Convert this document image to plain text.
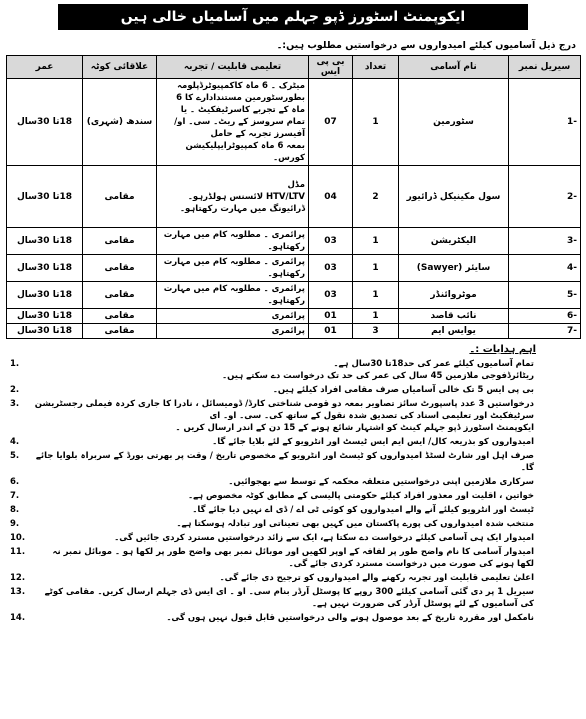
ایکوپمنٹ اسٹورز ڈپو جہلم میں آسامیاں خالی ہیں
درج ذیل آسامیوں کیلئے امیدواروں سے درخواستیں مطلوب ہیں:۔
سیریل نمبر	نام آسامی	تعداد	بی پی ایس	تعلیمی قابلیت / تجربہ	علاقائی کوٹہ	عمر
-1	سٹورمین	1	07	میٹرک ۔ 6 ماہ کاکمپیوٹرڈپلومہ
بطورسٹورمین مستندادارے کا 6 ماہ کے تجربے کاسرٹیفکیٹ ۔ یا
تمام سروسز کے ریٹ۔ سی۔ او/آفیسرز تجربہ کے حامل
بمعہ 6 ماہ کمپیوٹرایپلیکیشن کورس۔	سندھ (شہری)	18تا 30سال
-2	سول مکینیکل ڈرائیور	2	04	مڈل
HTV/LTV لائسنس ہولڈرہو۔
ڈرائیونگ میں مہارت رکھتاہو۔	مقامی	18تا 30سال
-3	الیکٹریشن	1	03	پرائمری ۔ مطلوبہ کام میں مہارت رکھتاہو۔	مقامی	18تا 30سال
-4	سایئر (Sawyer)	1	03	پرائمری ۔ مطلوبہ کام میں مہارت رکھتاہو۔	مقامی	18تا 30سال
-5	موٹروائنڈر	1	03	پرائمری ۔ مطلوبہ کام میں مہارت رکھتاہو۔	مقامی	18تا 30سال
-6	نائب قاصد	1	01	پرائمری	مقامی	18تا 30سال
-7	یوایس ایم	3	01	پرائمری	مقامی	18تا 30سال
اہم ہدایات :۔
1.	تمام آسامیوں کیلئے عمر کی حد18تا 30سال ہے۔
ریٹائرڈفوجی ملازمین 45 سال کی عمر کی حد تک درخواست دے سکتے ہیں۔
2.	بی پی ایس 5 تک خالی آسامیاں صرف مقامی افراد کیلئے ہیں۔
3.	درخواستیں 3 عدد پاسپورٹ سائز تصاویر بمعہ دو قومی شناختی کارڈ/ ڈومیسائل ، نادرا کا جاری کردہ فیملی رجسٹریشن سرٹیفکیٹ اور تعلیمی اسناد کی تصدیق شدہ نقول کے ساتھ کی۔ سی۔ او۔ ای
ایکوپمنٹ اسٹورز ڈپو جہلم کینٹ کو اشتہار شائع ہونے کے 15 دن کے اندر ارسال کریں ۔
4.	امیدواروں کو بذریعہ کال/ ایس ایم ایس ٹیسٹ اور انٹرویو کے لئے بلایا جائے گا۔
5.	صرف اہل اور شارٹ لسٹڈ امیدواروں کو ٹیسٹ اور انٹرویو کے مخصوص تاریخ / وقت پر بھرتی بورڈ کے سربراہ بلوایا جائے گا۔
6.	سرکاری ملازمین اپنی درخواستیں متعلقہ محکمہ کے توسط سے بھجوائیں۔
7.	خواتین ، اقلیت اور معذور افراد کیلئے حکومتی پالیسی کے مطابق کوٹہ مخصوص ہے۔
8.	ٹیسٹ اور انٹرویو کیلئے آنے والے امیدواروں کو کوئی ٹی اے / ڈی اے نہیں دیا جائے گا۔
9.	منتخب شدہ امیدواروں کی پورے پاکستان میں کہیں بھی تعیناتی اور تبادلہ ہوسکتا ہے۔
10.	امیدوار ایک ہی آسامی کیلئے درخواست دے سکتا ہے، ایک سے زائد درخواستیں مسترد کردی جائیں گی۔
11.	امیدوار آسامی کا نام واضح طور پر لفافہ کے اوپر لکھیں اور موبائل نمبر بھی واضح طور پر لکھا ہو ۔ موبائل نمبر نہ لکھا ہونے کی صورت میں درخواست مسترد کردی جائے گی۔
12.	اعلیٰ تعلیمی قابلیت اور تجربہ رکھنے والے امیدواروں کو ترجیح دی جائے گی۔
13.	سیریل 1 پر دی گئی آسامی کیلئے 300 روپے کا پوسٹل آرڈر بنام سی۔ او ۔ ای ایس ڈی جہلم ارسال کریں۔ مقامی کوٹے کی آسامیوں کے لئے پوسٹل آرڈر کی ضرورت نہیں ہے۔
14.	نامکمل اور مقررہ تاریخ کے بعد موصول ہونے والی درخواستیں قابل قبول نہیں ہوں گی۔
